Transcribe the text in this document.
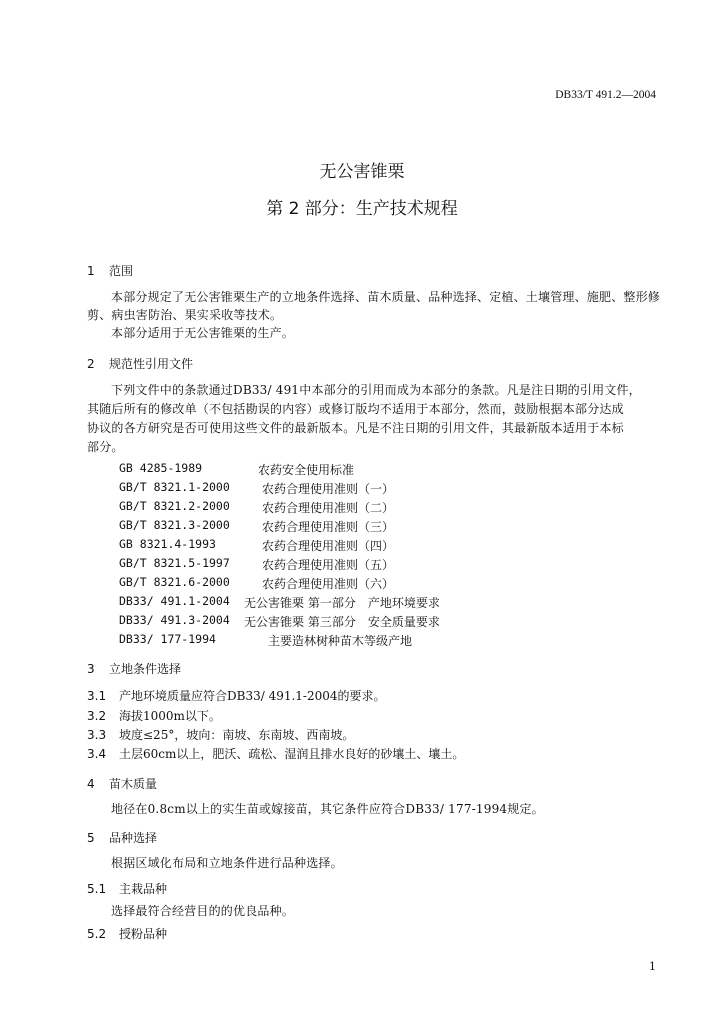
DB33/T 491.2—2004
无公害锥栗
第 2 部分：生产技术规程
1 范围
本部分规定了无公害锥栗生产的立地条件选择、苗木质量、品种选择、定植、土壤管理、施肥、整形修
剪、病虫害防治、果实采收等技术。
本部分适用于无公害锥栗的生产。
2 规范性引用文件
下列文件中的条款通过DB33/ 491中本部分的引用而成为本部分的条款。凡是注日期的引用文件，
其随后所有的修改单（不包括勘误的内容）或修订版均不适用于本部分，然而，鼓励根据本部分达成
协议的各方研究是否可使用这些文件的最新版本。凡是不注日期的引用文件，其最新版本适用于本标
部分。
GB 4285-1989	农药安全使用标准
GB/T 8321.1-2000	农药合理使用准则（一）
GB/T 8321.2-2000	农药合理使用准则（二）
GB/T 8321.3-2000	农药合理使用准则（三）
GB 8321.4-1993	农药合理使用准则（四）
GB/T 8321.5-1997	农药合理使用准则（五）
GB/T 8321.6-2000	农药合理使用准则（六）
DB33/ 491.1-2004 无公害锥栗 第一部分　产地环境要求
DB33/ 491.3-2004 无公害锥栗 第三部分　安全质量要求
DB33/ 177-1994	主要造林树种苗木等级产地
3 立地条件选择
3.1 产地环境质量应符合DB33/ 491.1-2004的要求。
3.2 海拔1000m以下。
3.3 坡度≤25°，坡向：南坡、东南坡、西南坡。
3.4 土层60cm以上，肥沃、疏松、湿润且排水良好的砂壤土、壤土。
4 苗木质量
地径在0.8cm以上的实生苗或嫁接苗，其它条件应符合DB33/ 177-1994规定。
5 品种选择
根据区域化布局和立地条件进行品种选择。
5.1 主栽品种
选择最符合经营目的的优良品种。
5.2 授粉品种
1
